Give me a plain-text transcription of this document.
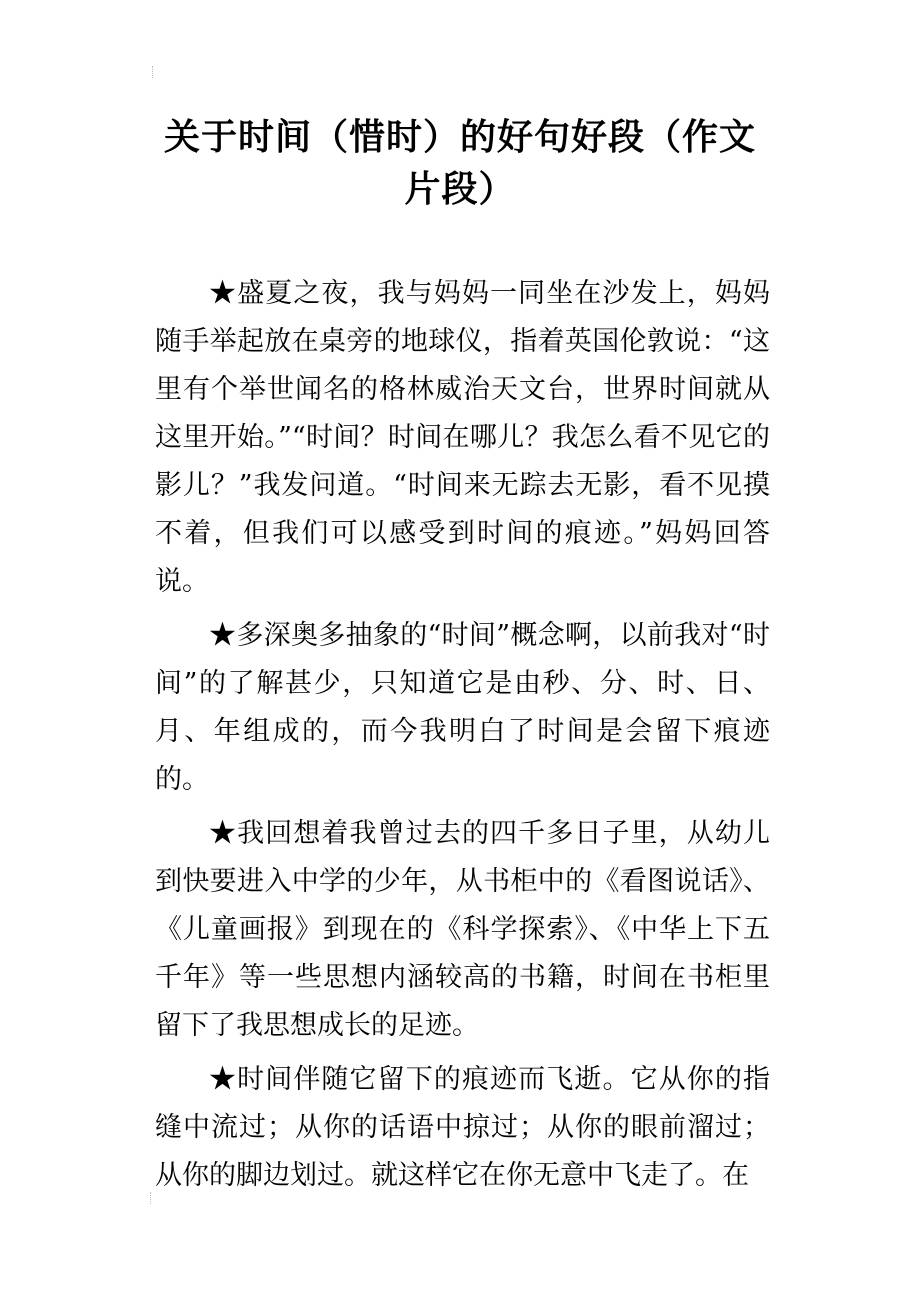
关于时间（惜时）的好句好段（作文片段）

★盛夏之夜，我与妈妈一同坐在沙发上，妈妈随手举起放在桌旁的地球仪，指着英国伦敦说：“这里有个举世闻名的格林威治天文台，世界时间就从这里开始。”“时间？时间在哪儿？我怎么看不见它的影儿？”我发问道。“时间来无踪去无影，看不见摸不着，但我们可以感受到时间的痕迹。”妈妈回答说。

★多深奥多抽象的“时间”概念啊，以前我对“时间”的了解甚少，只知道它是由秒、分、时、日、月、年组成的，而今我明白了时间是会留下痕迹的。

★我回想着我曾过去的四千多日子里，从幼儿到快要进入中学的少年，从书柜中的《看图说话》、《儿童画报》到现在的《科学探索》、《中华上下五千年》等一些思想内涵较高的书籍，时间在书柜里留下了我思想成长的足迹。

★时间伴随它留下的痕迹而飞逝。它从你的指缝中流过；从你的话语中掠过；从你的眼前溜过；从你的脚边划过。就这样它在你无意中飞走了。在
